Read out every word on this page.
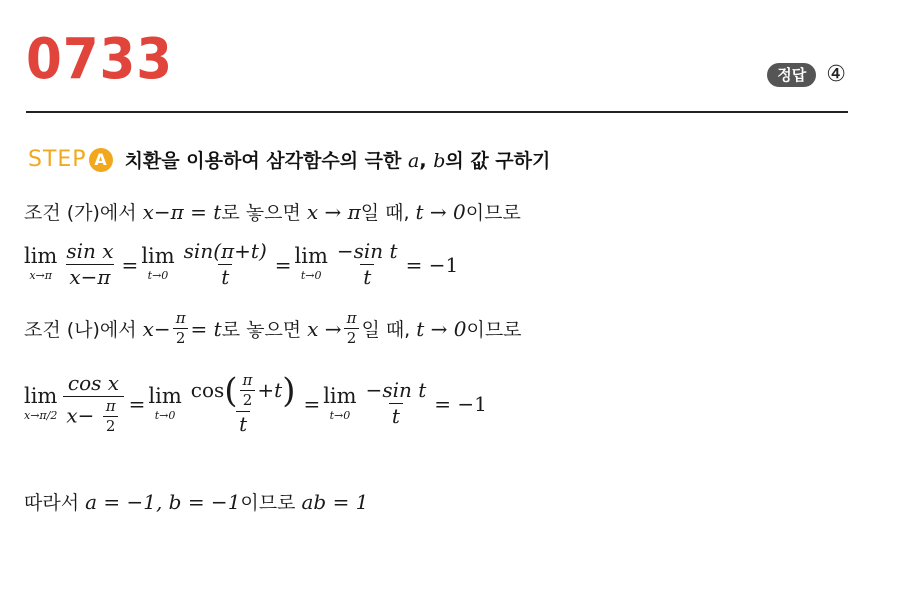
0733	정답 ④
STEP A 치환을 이용하여 삼각함수의 극한 a, b의 값 구하기
조건 (가)에서 x−π = t 로 놓으면 x → π 일 때, t → 0 이므로
lim
$x\to\pi \frac{\text{sin x}}{x-\pi} = \lim$
$t\to 0 \frac{\sin(\pi+t)}{t} = \lim$
$t\to 0 \frac{\text{−sin t}}{t} = -1$
조건 (나)에서 $x- \frac{\pi}{2} = t$ 로 놓으면 $x \to \frac{\pi}{2}$ 일 때, t → 0 이므로
lim
$x\to\pi/2 \frac{\text{cos x}}{x- \frac{\pi}{2}} = \lim$
t→0
cos ( $\frac{\pi}{2} +t$ )
t
= lim
$t\to 0 \frac{\text{−sin t}}{t} = -1$
따라서 a = −1, b = −1 이므로 ab = 1
